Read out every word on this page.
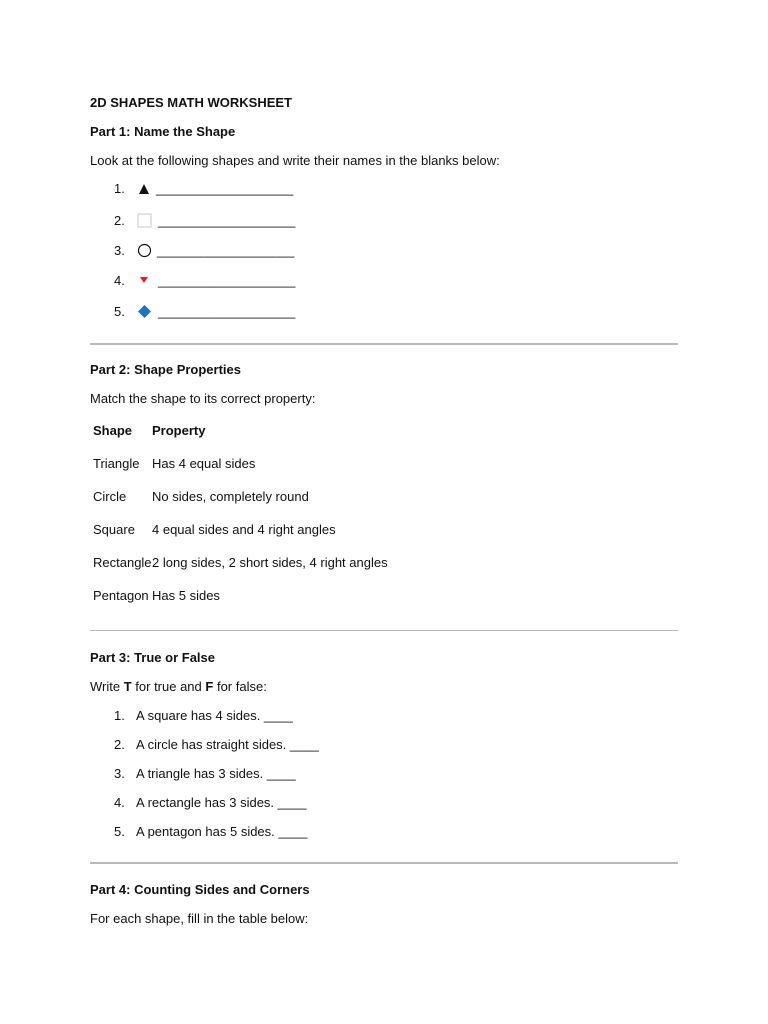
2D SHAPES MATH WORKSHEET
Part 1: Name the Shape
Look at the following shapes and write their names in the blanks below:
1. ___________________
2.	___________________
3. ___________________
4.	___________________
5.	___________________
Part 2: Shape Properties
Match the shape to its correct property:
Shape Property
Triangle Has 4 equal sides
Circle No sides, completely round
Square 4 equal sides and 4 right angles
Rectangle 2 long sides, 2 short sides, 4 right angles
Pentagon Has 5 sides
Part 3: True or False
Write T for true and F for false:
1. A square has 4 sides. ____
2. A circle has straight sides. ____
3. A triangle has 3 sides. ____
4. A rectangle has 3 sides. ____
5. A pentagon has 5 sides. ____
Part 4: Counting Sides and Corners
For each shape, fill in the table below:
